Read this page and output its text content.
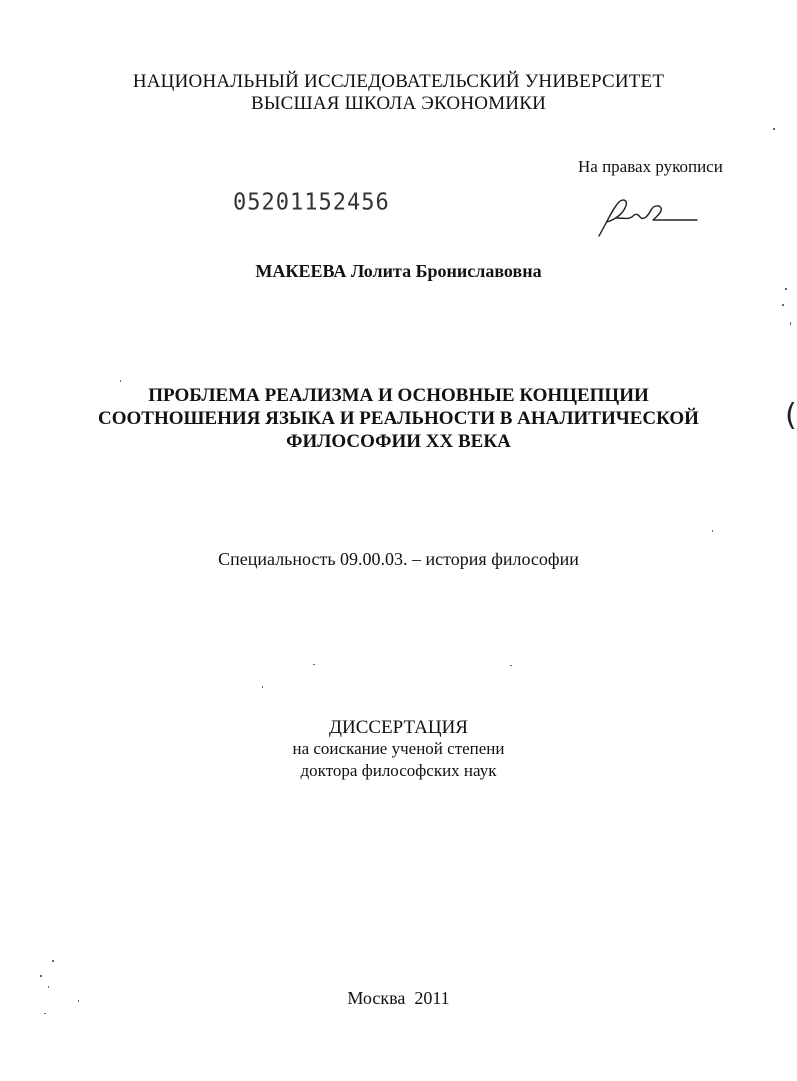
НАЦИОНАЛЬНЫЙ ИССЛЕДОВАТЕЛЬСКИЙ УНИВЕРСИТЕТ
ВЫСШАЯ ШКОЛА ЭКОНОМИКИ
На правах рукописи
05201152456
МАКЕЕВА Лолита Брониславовна
ПРОБЛЕМА РЕАЛИЗМА И ОСНОВНЫЕ КОНЦЕПЦИИ
СООТНОШЕНИЯ ЯЗЫКА И РЕАЛЬНОСТИ В АНАЛИТИЧЕСКОЙ
ФИЛОСОФИИ XX ВЕКА
(
Специальность 09.00.03. – история философии
ДИССЕРТАЦИЯ
на соискание ученой степени
доктора философских наук
Москва 2011
